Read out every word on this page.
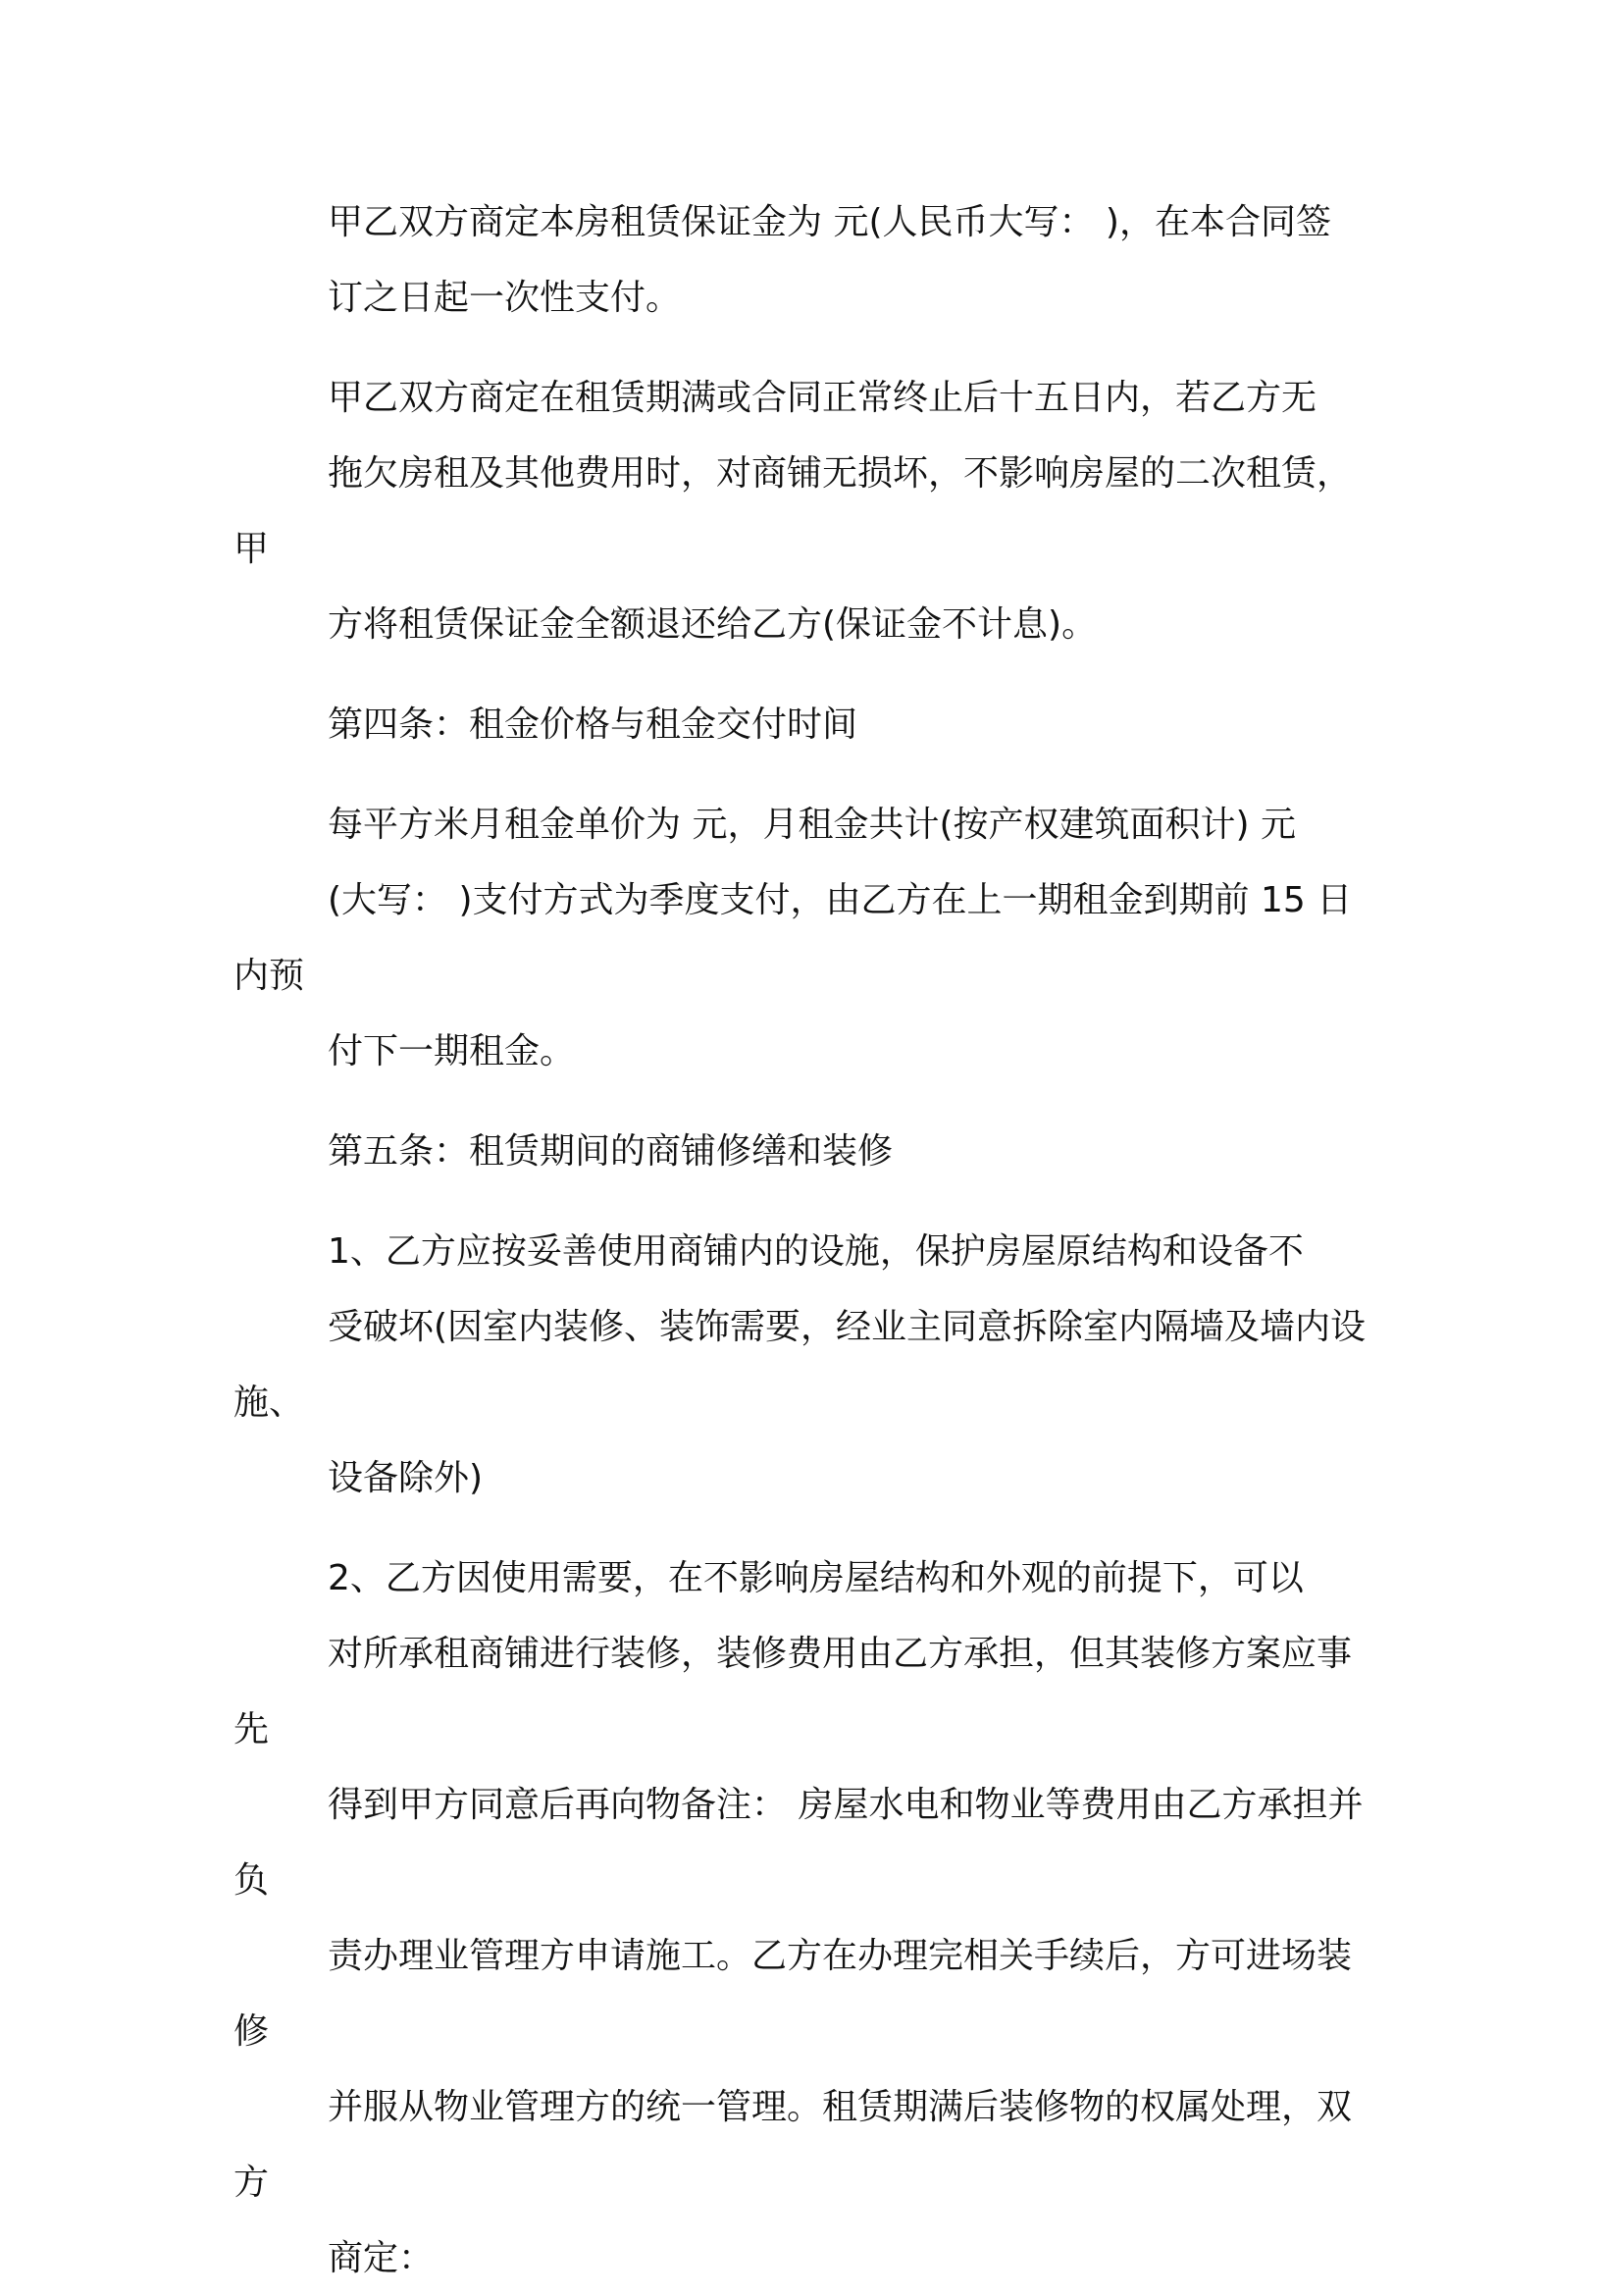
甲乙双方商定本房租赁保证金为 元(人民币大写： )，在本合同签
订之日起一次性支付。

甲乙双方商定在租赁期满或合同正常终止后十五日内，若乙方无
拖欠房租及其他费用时，对商铺无损坏，不影响房屋的二次租赁，甲
方将租赁保证金全额退还给乙方(保证金不计息)。

第四条：租金价格与租金交付时间

每平方米月租金单价为 元，月租金共计(按产权建筑面积计) 元
(大写： )支付方式为季度支付，由乙方在上一期租金到期前 15 日内预
付下一期租金。

第五条：租赁期间的商铺修缮和装修

1、乙方应按妥善使用商铺内的设施，保护房屋原结构和设备不
受破坏(因室内装修、装饰需要，经业主同意拆除室内隔墙及墙内设施、
设备除外)

2、乙方因使用需要，在不影响房屋结构和外观的前提下，可以
对所承租商铺进行装修，装修费用由乙方承担，但其装修方案应事先
得到甲方同意后再向物备注： 房屋水电和物业等费用由乙方承担并负
责办理业管理方申请施工。乙方在办理完相关手续后，方可进场装修
并服从物业管理方的统一管理。租赁期满后装修物的权属处理，双方
商定：
